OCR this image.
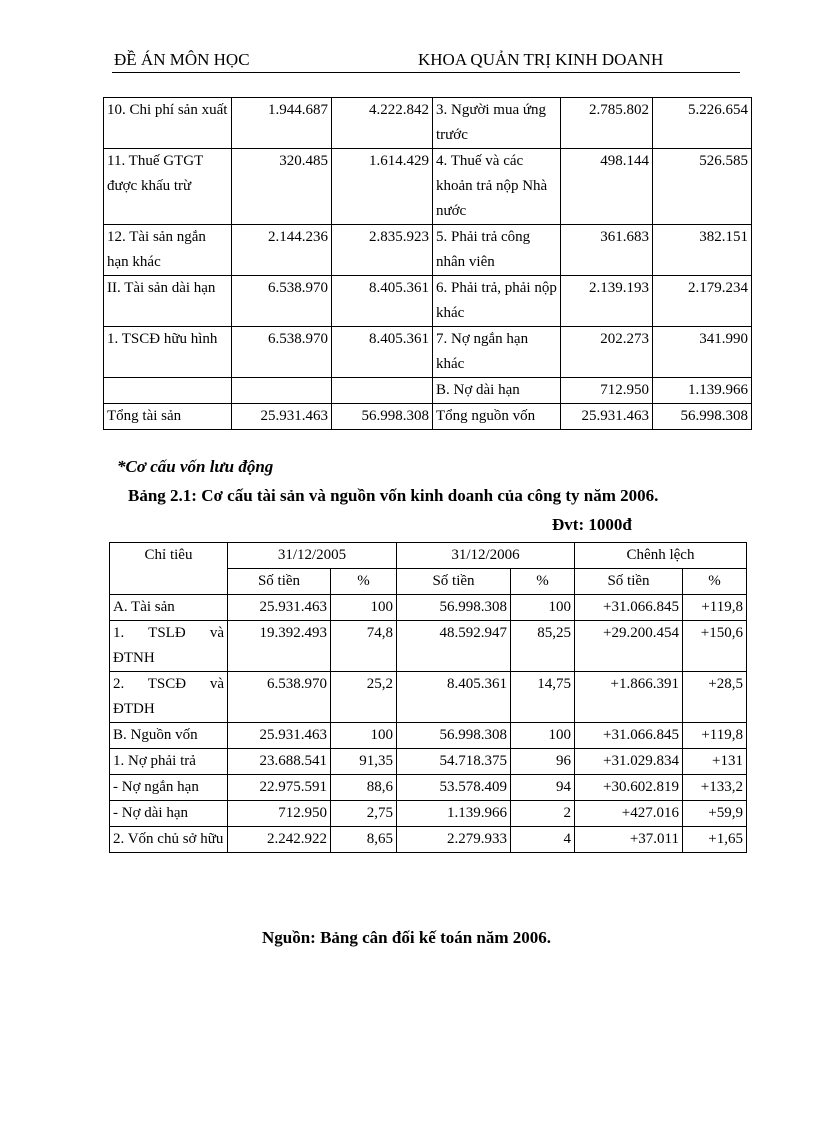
ĐỀ ÁN MÔN HỌC	KHOA QUẢN TRỊ KINH DOANH
10. Chi phí sản xuất	1.944.687	4.222.842	3. Người mua ứng trước	2.785.802	5.226.654
11. Thuế GTGT được khấu trừ	320.485	1.614.429	4. Thuế và các khoản trả nộp Nhà nước	498.144	526.585
12. Tài sản ngắn hạn khác	2.144.236	2.835.923	5. Phải trả công nhân viên	361.683	382.151
II. Tài sản dài hạn	6.538.970	8.405.361	6. Phải trả, phải nộp khác	2.139.193	2.179.234
1. TSCĐ hữu hình	6.538.970	8.405.361	7. Nợ ngắn hạn khác	202.273	341.990
			B. Nợ dài hạn	712.950	1.139.966
Tổng tài sản	25.931.463	56.998.308	Tổng nguồn vốn	25.931.463	56.998.308
*Cơ cấu vốn lưu động
Bảng 2.1: Cơ cấu tài sản và nguồn vốn kinh doanh của công ty năm 2006.
Đvt: 1000đ
Chỉ tiêu	31/12/2005		31/12/2006		Chênh lệch	
	Số tiền	%	Số tiền	%	Số tiền	%
A. Tài sản	25.931.463	100	56.998.308	100	+31.066.845	+119,8
1. TSLĐ và ĐTNH	19.392.493	74,8	48.592.947	85,25	+29.200.454	+150,6
2. TSCĐ và ĐTDH	6.538.970	25,2	8.405.361	14,75	+1.866.391	+28,5
B. Nguồn vốn	25.931.463	100	56.998.308	100	+31.066.845	+119,8
1. Nợ phải trả	23.688.541	91,35	54.718.375	96	+31.029.834	+131
- Nợ ngắn hạn	22.975.591	88,6	53.578.409	94	+30.602.819	+133,2
- Nợ dài hạn	712.950	2,75	1.139.966	2	+427.016	+59,9
2. Vốn chủ sở hữu	2.242.922	8,65	2.279.933	4	+37.011	+1,65
Nguồn: Bảng cân đối kế toán năm 2006.
